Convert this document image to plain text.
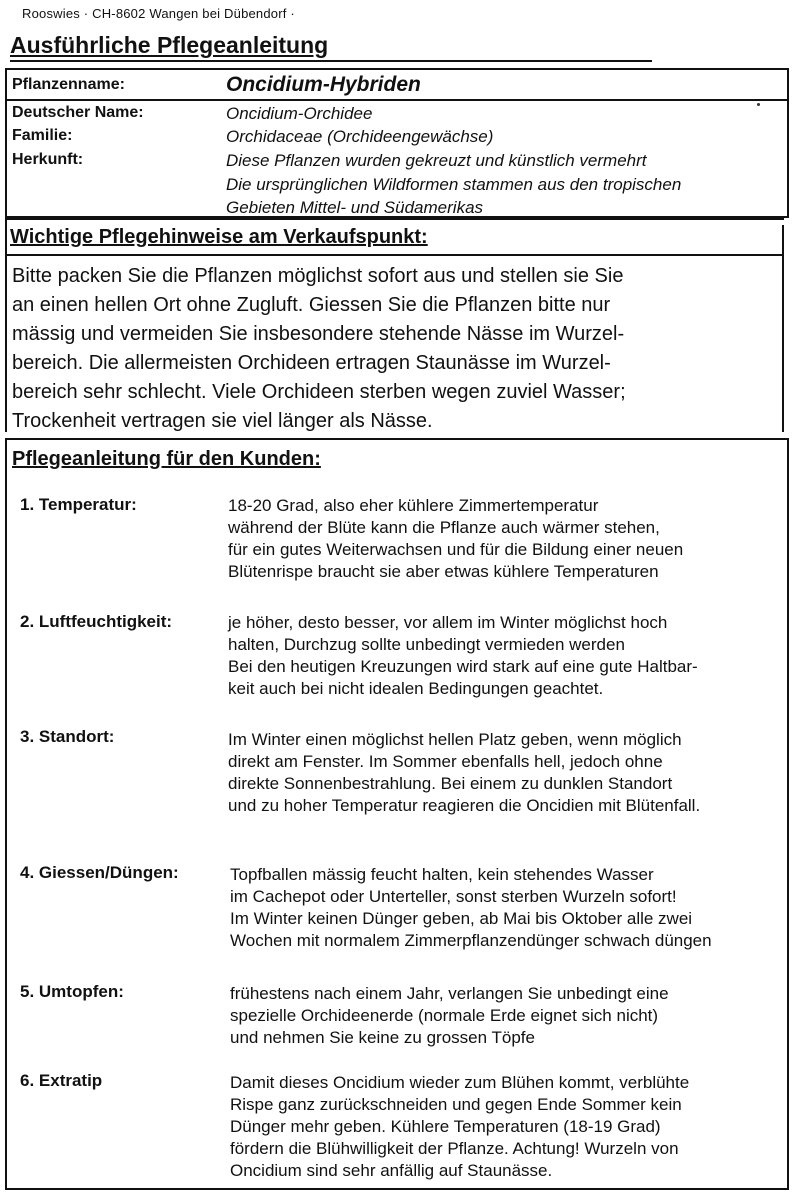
Rooswies · CH-8602 Wangen bei Dübendorf ·
Ausführliche Pflegeanleitung
Pflanzenname:	Oncidium-Hybriden
Deutscher Name:	Oncidium-Orchidee
Familie:	Orchidaceae (Orchideengewächse)
Herkunft:	Diese Pflanzen wurden gekreuzt und künstlich vermehrt
Die ursprünglichen Wildformen stammen aus den tropischen
Gebieten Mittel- und Südamerikas
Wichtige Pflegehinweise am Verkaufspunkt:
Bitte packen Sie die Pflanzen möglichst sofort aus und stellen sie Sie
an einen hellen Ort ohne Zugluft. Giessen Sie die Pflanzen bitte nur
mässig und vermeiden Sie insbesondere stehende Nässe im Wurzel-
bereich. Die allermeisten Orchideen ertragen Staunässe im Wurzel-
bereich sehr schlecht. Viele Orchideen sterben wegen zuviel Wasser;
Trockenheit vertragen sie viel länger als Nässe.
Pflegeanleitung für den Kunden:
1. Temperatur:	18-20 Grad, also eher kühlere Zimmertemperatur
während der Blüte kann die Pflanze auch wärmer stehen,
für ein gutes Weiterwachsen und für die Bildung einer neuen
Blütenrispe braucht sie aber etwas kühlere Temperaturen
2. Luftfeuchtigkeit:	je höher, desto besser, vor allem im Winter möglichst hoch
halten, Durchzug sollte unbedingt vermieden werden
Bei den heutigen Kreuzungen wird stark auf eine gute Haltbar-
keit auch bei nicht idealen Bedingungen geachtet.
3. Standort:	Im Winter einen möglichst hellen Platz geben, wenn möglich
direkt am Fenster. Im Sommer ebenfalls hell, jedoch ohne
direkte Sonnenbestrahlung. Bei einem zu dunklen Standort
und zu hoher Temperatur reagieren die Oncidien mit Blütenfall.
4. Giessen/Düngen:	Topfballen mässig feucht halten, kein stehendes Wasser
im Cachepot oder Unterteller, sonst sterben Wurzeln sofort!
Im Winter keinen Dünger geben, ab Mai bis Oktober alle zwei
Wochen mit normalem Zimmerpflanzendünger schwach düngen
5. Umtopfen:	frühestens nach einem Jahr, verlangen Sie unbedingt eine
spezielle Orchideenerde (normale Erde eignet sich nicht)
und nehmen Sie keine zu grossen Töpfe
6. Extratip	Damit dieses Oncidium wieder zum Blühen kommt, verblühte
Rispe ganz zurückschneiden und gegen Ende Sommer kein
Dünger mehr geben. Kühlere Temperaturen (18-19 Grad)
fördern die Blühwilligkeit der Pflanze. Achtung! Wurzeln von
Oncidium sind sehr anfällig auf Staunässe.
